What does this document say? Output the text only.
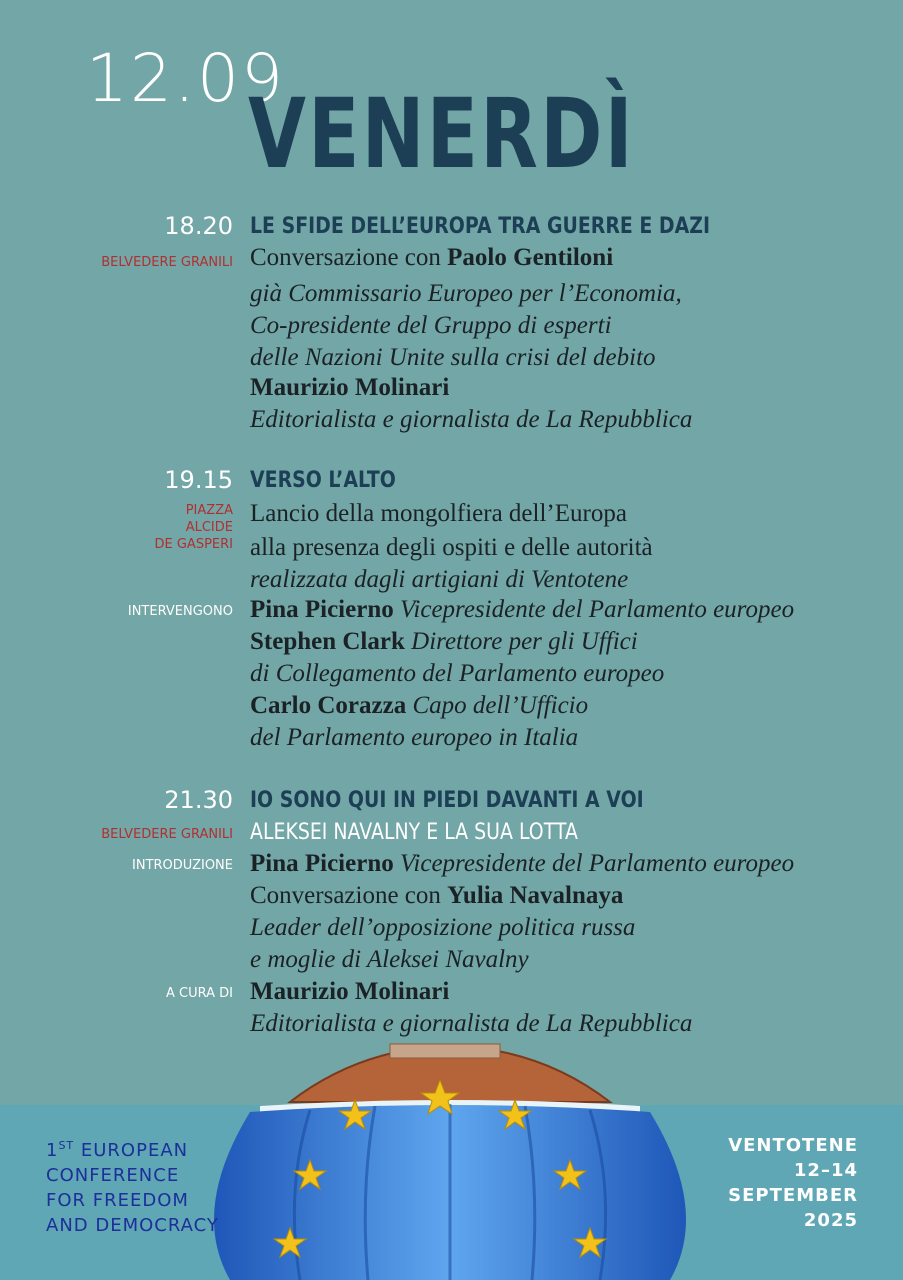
12.09
VENERDÌ
18.20
BELVEDERE GRANILI
LE SFIDE DELL’EUROPA TRA GUERRE E DAZI
Conversazione con Paolo Gentiloni
già Commissario Europeo per l’Economia,
Co-presidente del Gruppo di esperti
delle Nazioni Unite sulla crisi del debito
Maurizio Molinari
Editorialista e giornalista de La Repubblica
19.15
PIAZZA
ALCIDE
DE GASPERI
VERSO L’ALTO
Lancio della mongolfiera dell’Europa
alla presenza degli ospiti e delle autorità
realizzata dagli artigiani di Ventotene
INTERVENGONO Pina Picierno Vicepresidente del Parlamento europeo
Stephen Clark Direttore per gli Uffici
di Collegamento del Parlamento europeo
Carlo Corazza Capo dell’Ufficio
del Parlamento europeo in Italia
21.30
BELVEDERE GRANILI
IO SONO QUI IN PIEDI DAVANTI A VOI
ALEKSEI NAVALNY E LA SUA LOTTA
INTRODUZIONE Pina Picierno Vicepresidente del Parlamento europeo
Conversazione con Yulia Navalnaya
Leader dell’opposizione politica russa
e moglie di Aleksei Navalny
A CURA DI Maurizio Molinari
Editorialista e giornalista de La Repubblica
1ST EUROPEAN
CONFERENCE
FOR FREEDOM
AND DEMOCRACY
VENTOTENE
12–14
SEPTEMBER
2025
